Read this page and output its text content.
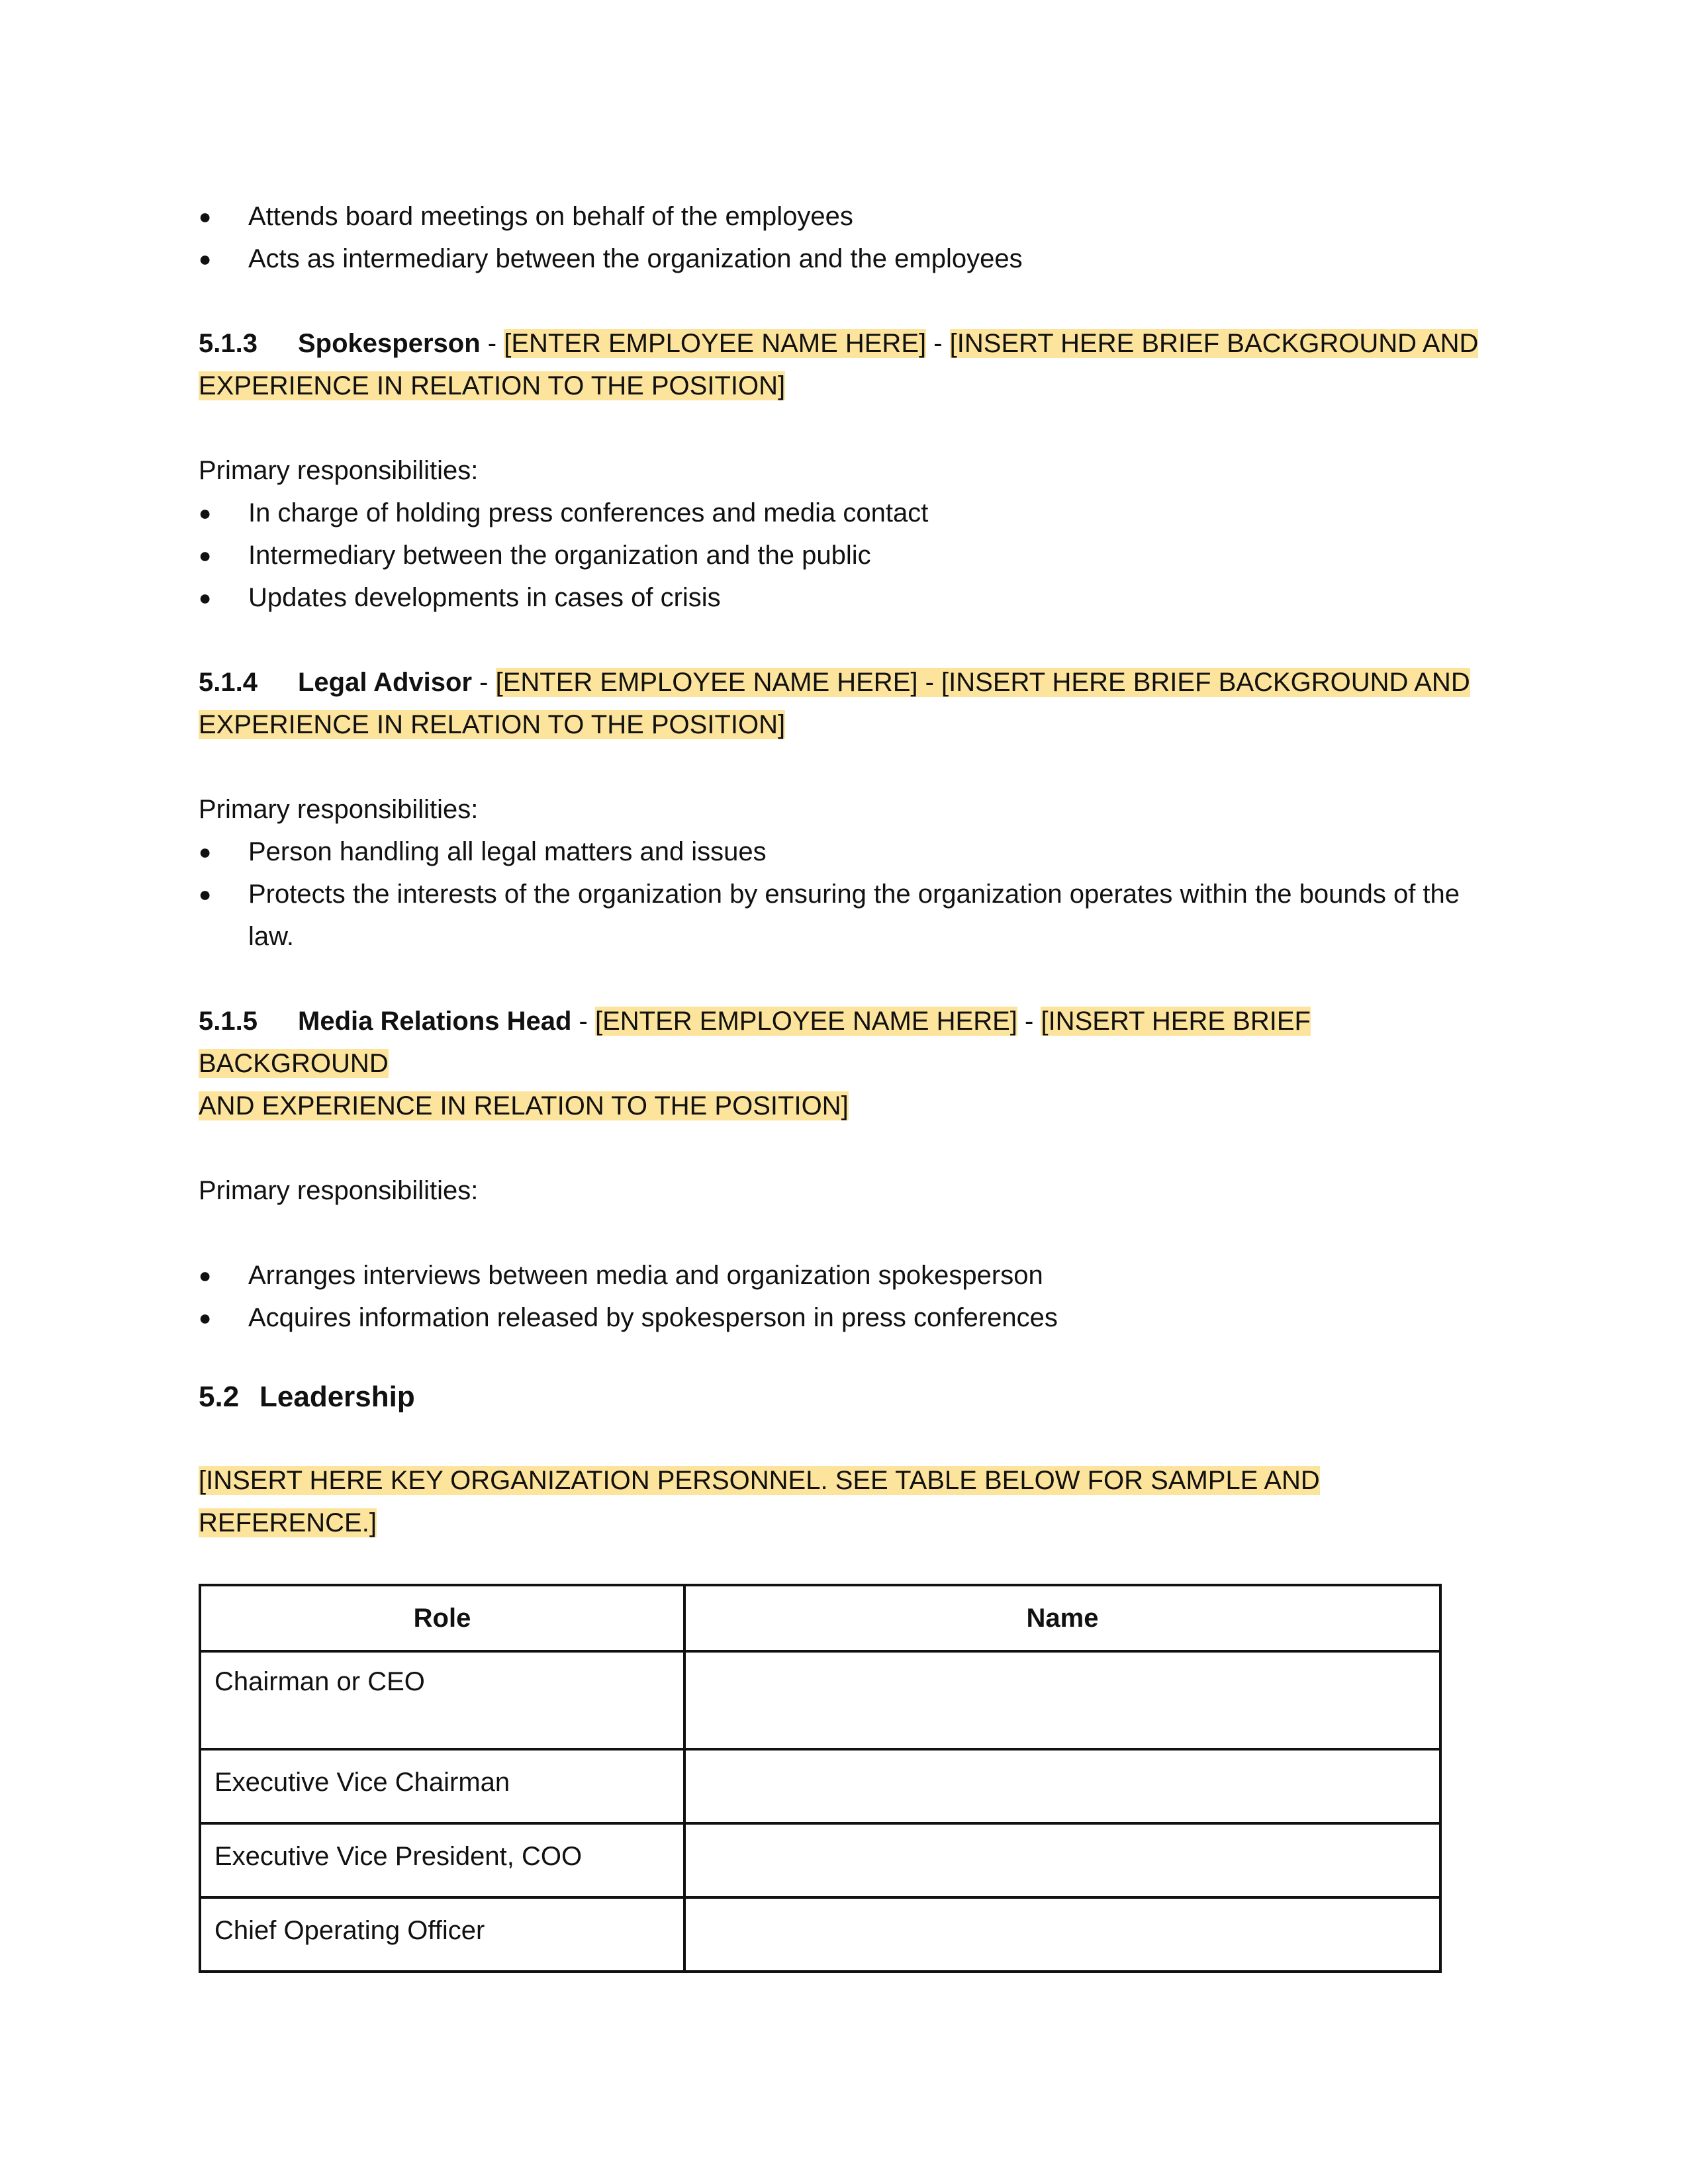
● Attends board meetings on behalf of the employees
● Acts as intermediary between the organization and the employees
5.1.3 Spokesperson - [ENTER EMPLOYEE NAME HERE] - [INSERT HERE BRIEF BACKGROUND AND
EXPERIENCE IN RELATION TO THE POSITION]
Primary responsibilities:
● In charge of holding press conferences and media contact
● Intermediary between the organization and the public
● Updates developments in cases of crisis
5.1.4 Legal Advisor - [ENTER EMPLOYEE NAME HERE] - [INSERT HERE BRIEF BACKGROUND AND
EXPERIENCE IN RELATION TO THE POSITION]
Primary responsibilities:
● Person handling all legal matters and issues
● Protects the interests of the organization by ensuring the organization operates within the bounds of the law.
5.1.5 Media Relations Head - [ENTER EMPLOYEE NAME HERE] - [INSERT HERE BRIEF BACKGROUND
AND EXPERIENCE IN RELATION TO THE POSITION]
Primary responsibilities:
● Arranges interviews between media and organization spokesperson
● Acquires information released by spokesperson in press conferences
5.2 Leadership
[INSERT HERE KEY ORGANIZATION PERSONNEL. SEE TABLE BELOW FOR SAMPLE AND REFERENCE.]
Role	Name
Chairman or CEO	
Executive Vice Chairman	
Executive Vice President, COO	
Chief Operating Officer	
